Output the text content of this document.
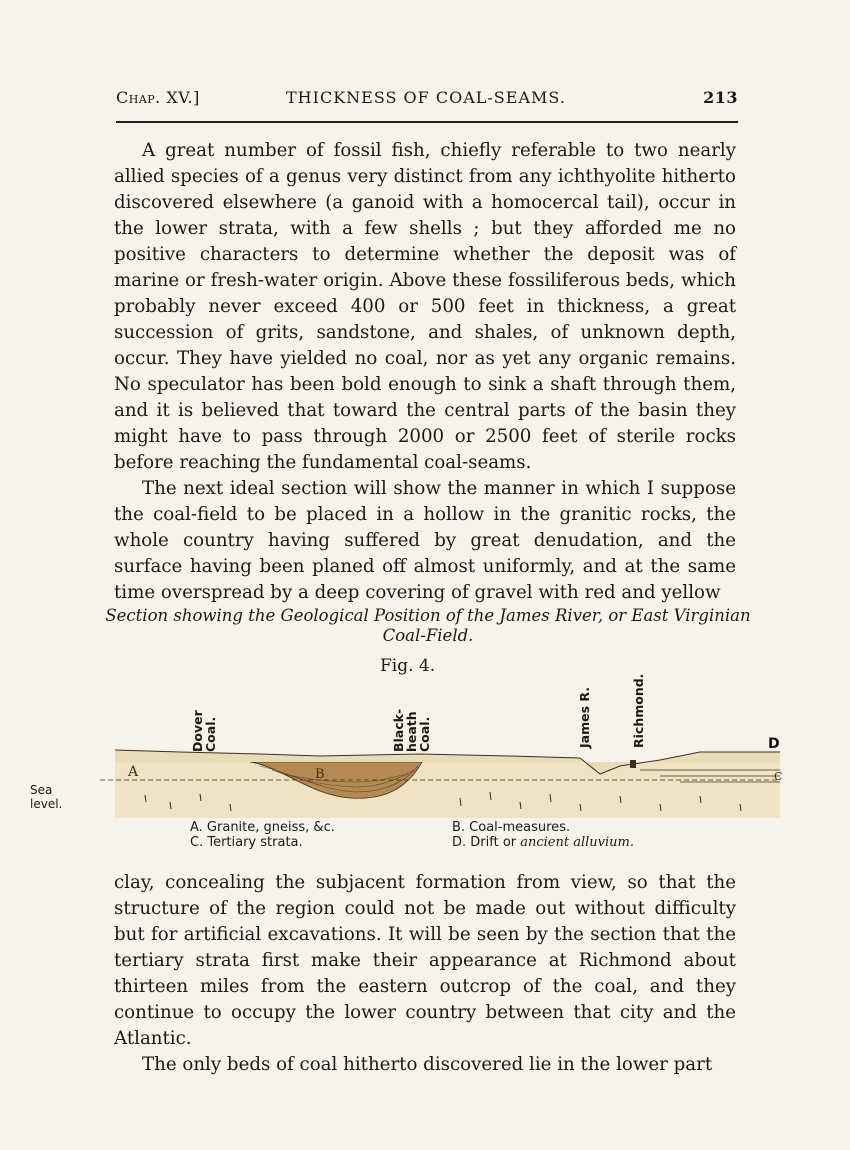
Chap. XV.]	THICKNESS OF COAL-SEAMS.	213

A great number of fossil fish, chiefly referable to two nearly allied species of a genus very distinct from any ichthyolite hitherto discovered elsewhere (a ganoid with a homocercal tail), occur in the lower strata, with a few shells ; but they afforded me no positive characters to determine whether the deposit was of marine or fresh-water origin. Above these fossiliferous beds, which probably never exceed 400 or 500 feet in thickness, a great succession of grits, sandstone, and shales, of unknown depth, occur. They have yielded no coal, nor as yet any organic remains. No speculator has been bold enough to sink a shaft through them, and it is believed that toward the central parts of the basin they might have to pass through 2000 or 2500 feet of sterile rocks before reaching the fundamental coal-seams.

The next ideal section will show the manner in which I suppose the coal-field to be placed in a hollow in the granitic rocks, the whole country having suffered by great denudation, and the surface having been planed off almost uniformly, and at the same time overspread by a deep covering of gravel with red and yellow

Section showing the Geological Position of the James River, or East Virginian Coal-Field.
Fig. 4.
Dover
Coal.	Black-
heath
Coal.	James R.	Richmond.
Sea
level.
A	B
D
C
A. Granite, gneiss, &c.
C. Tertiary strata.
B. Coal-measures.
D. Drift or ancient alluvium.

clay, concealing the subjacent formation from view, so that the structure of the region could not be made out without difficulty but for artificial excavations. It will be seen by the section that the tertiary strata first make their appearance at Richmond about thirteen miles from the eastern outcrop of the coal, and they continue to occupy the lower country between that city and the Atlantic.

The only beds of coal hitherto discovered lie in the lower part
